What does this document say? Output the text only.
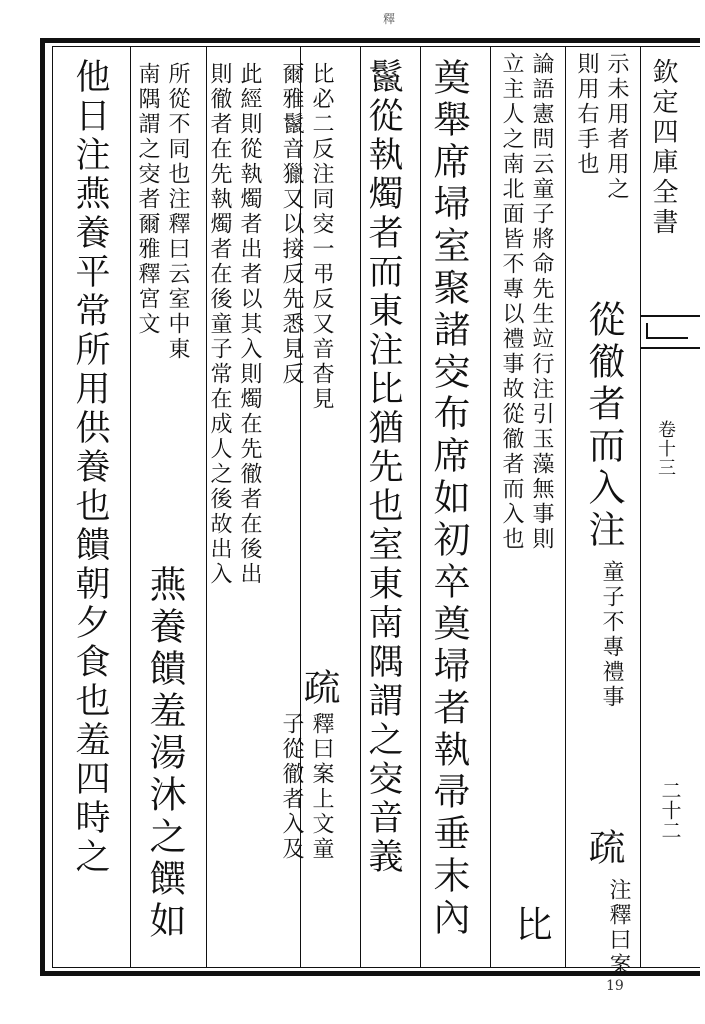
釋
欽定四庫全書
卷十三
二十二
示未用者用之
則用右手也
論語憲問云童子將命先生竝行注引玉藻無事則
立主人之南北面皆不專以禮事故從徹者而入也
比
從徹者而入注
童子不專禮事
疏
注釋曰案
奠舉席埽室聚諸㝔布席如初卒奠埽者執帚垂末內
鬣從執燭者而東注比猶先也室東南隅謂之㝔音義
比必二反注同㝔一弔反又音杳見
爾雅鬣音獵又以接反先悉見反
疏
釋曰案上文童
子從徹者入及
此經則從執燭者出者以其入則燭在先徹者在後出
則徹者在先執燭者在後童子常在成人之後故出入
所從不同也注釋曰云室中東
南隅謂之㝔者爾雅釋宮文
燕養饋羞湯沐之饌如
他日注燕養平常所用供養也饋朝夕食也羞四時之
19
